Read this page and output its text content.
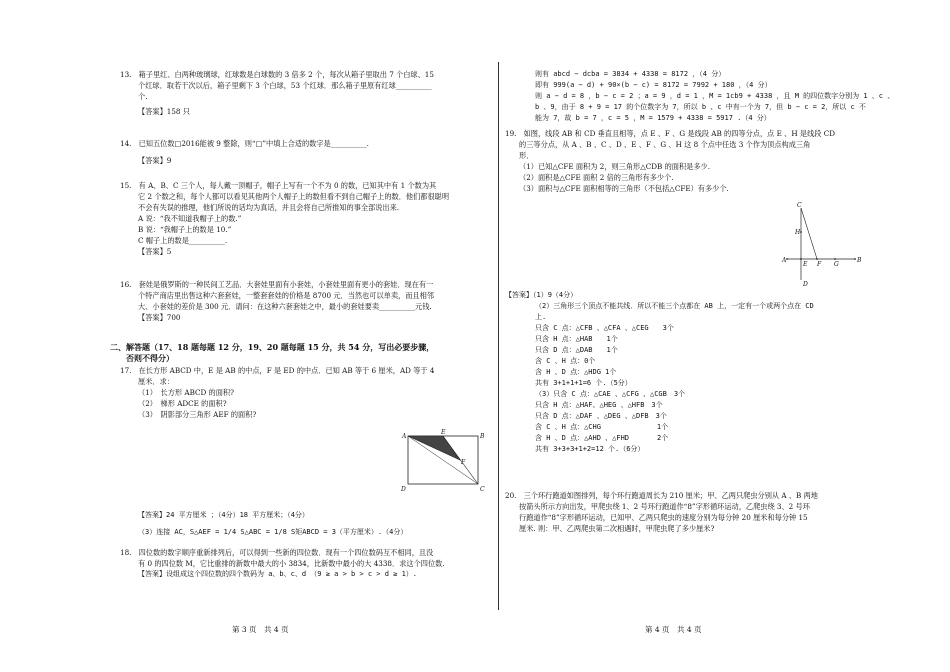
13.　箱子里红、白两种玻璃球，红球数是白球数的 3 倍多 2 个，每次从箱子里取出 7 个白球、15

个红球．取若干次以后，箱子里剩下 3 个白球，53 个红球．那么箱子里原有红球__________

个.

【答案】158 只

14.　已知五位数□2016能被 9 整除，则“□”中填上合适的数字是__________.

【答案】9

15.　有 A、B、C 三个人，每人戴一顶帽子，帽子上写有一个不为 0 的数，已知其中有 1 个数为其

它 2 个数之和，每个人都可以看见其他两个人帽子上的数但看不到自己帽子上的数．他们都很聪明

不会有失误的推理，他们所说的话均为真话，并且会将自己所推知的事全部说出来.

A 说：“我不知道我帽子上的数.”

B 说：“我帽子上的数是 10.”

C 帽子上的数是__________.

【答案】5

16.　套娃是俄罗斯的一种民间工艺品．大套娃里面有小套娃，小套娃里面有更小的套娃．现在有一

个特产商店里出售这种六套套娃，一整套套娃的价格是 8700 元．当然也可以单卖，而且相邻

大、小套娃的差价是 300 元．请问：在这种六套套娃之中，最小的套娃要卖__________元钱.

【答案】700

二、解答题（17、18 题每题 12 分，19、20 题每题 15 分，共 54 分，写出必要步骤，

否则不得分）

17.　在长方形 ABCD 中，E 是 AB 的中点，F 是 ED 的中点．已知 AB 等于 6 厘米，AD 等于 4

厘米．求：

（1）　长方形 ABCD 的面积?

（2）　梯形 ADCE 的面积?

（3）　阴影部分三角形 AEF 的面积?

A
E
B
F
D	C

【答案】24 平方厘米 ；（4分）18 平方厘米；（4分）

（3）连接 AC，S△AEF = 1/4 S△ABC = 1/8 S矩ABCD = 3（平方厘米）.（4分）

18.　四位数的数字顺序重新排列后，可以得到一些新的四位数．现有一个四位数码互不相同，且没

有 0 的四位数 M，它比重排的新数中最大的小 3834，比新数中最小的大 4338．求这个四位数.

【答案】设组成这个四位数的四个数码为 a、b、c、d （9 ≥ a > b > c > d ≥ 1）.

第 3 页　共 4 页

则有 abcd − dcba = 3834 + 4338 = 8172 ，（4 分）

即有 999(a − d) + 90×(b − c) = 8172 = 7992 + 180 ，（4 分）

则 a − d = 8 ，b − c = 2 ；a = 9 ，d = 1 ，M = 1cb9 + 4338 ，且 M 的四位数字分别为 1 、c 、

b 、9，由于 8 + 9 = 17 的个位数字为 7，所以 b 、c 中有一个为 7，但 b − c = 2，所以 c 不

能为 7，故 b = 7 ，c = 5 ，M = 1579 + 4338 = 5917 .（4 分）

19.　如图，线段 AB 和 CD 垂直且相等，点 E 、F 、G 是线段 AB 的四等分点，点 E 、H 是线段 CD

的三等分点，从 A 、B 、C 、D 、E 、F 、G 、H 这 8 个点中任选 3 个作为顶点构成三角

形．

（1）已知△CFE 面积为 2，则三角形△CDB 的面积是多少.

（2）面积是△CFE 面积 2 倍的三角形有多少个.

（3）面积与△CFE 面积相等的三角形（不包括△CFE）有多少个.

C
H
A
E F G
B
D

【答案】（1）9（4分）

（2）三角形三个顶点不能共线．所以不能三个点都在 AB 上，一定有一个或两个点在 CD

上.

只含 C 点：△CFB 、△CFA 、△CEG　　3个

只含 H 点：△HAB　　1个

只含 D 点：△DAB　　1个

含 C 、H 点：0个

含 H 、D 点：△HDG 1个

共有 3+1+1+1=6 个.（5分）

（3）只含 C 点：△CAE 、△CFG 、△CGB　3个

只含 H 点：△HAF、△HEG 、△HFB　3个

只含 D 点：△DAF 、△DEG 、△DFB　3个

含 C 、H 点：△CHG　　　　　　　　1个

含 H 、D 点：△AHD 、△FHD　　　　2个

共有 3+3+3+1+2=12 个.（6分）

20.　三个环行跑道如图排列，每个环行跑道周长为 210 厘米；甲、乙两只爬虫分别从 A 、B 两地

按箭头所示方向出发，甲爬虫绕 1、2 号环行跑道作“8”字形循环运动，乙爬虫绕 3、2 号环

行跑道作“8”字形循环运动，已知甲、乙两只爬虫的速度分别为每分钟 20 厘米和每分钟 15

厘米. 则：甲、乙两爬虫第二次相遇时，甲爬虫爬了多少厘米?

第 4 页　共 4 页
